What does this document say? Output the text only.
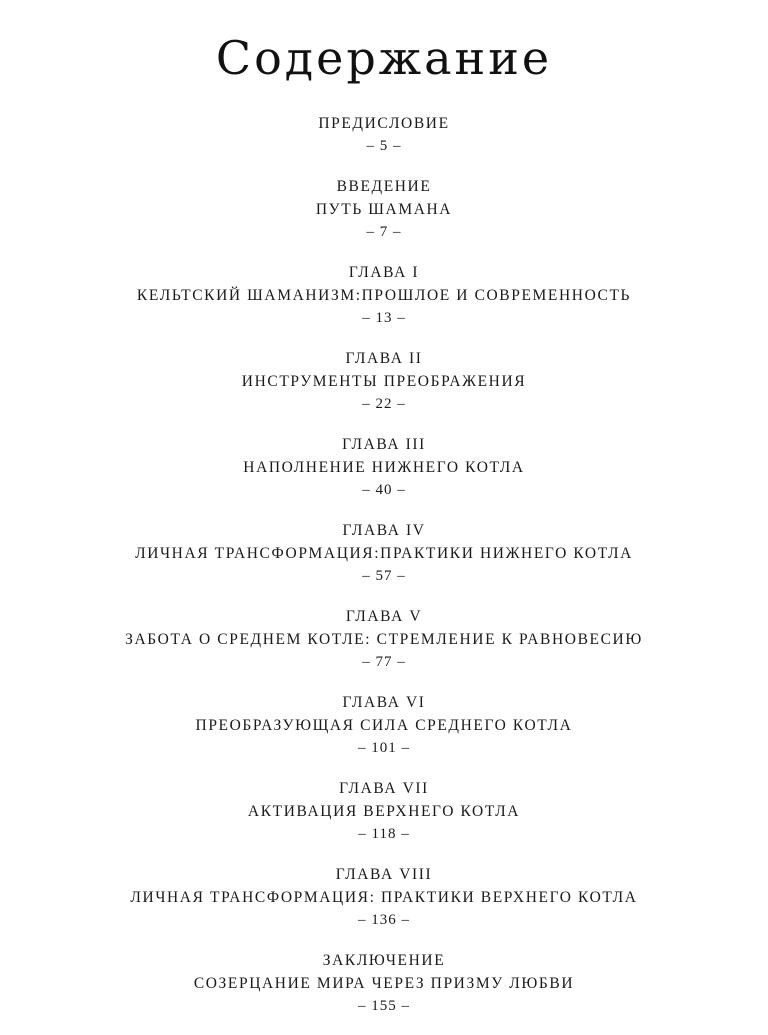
Содержание
ПРЕДИСЛОВИЕ
– 5 –
ВВЕДЕНИЕ
ПУТЬ ШАМАНА
– 7 –
ГЛАВА I
КЕЛЬТСКИЙ ШАМАНИЗМ:ПРОШЛОЕ И СОВРЕМЕННОСТЬ
– 13 –
ГЛАВА II
ИНСТРУМЕНТЫ ПРЕОБРАЖЕНИЯ
– 22 –
ГЛАВА III
НАПОЛНЕНИЕ НИЖНЕГО КОТЛА
– 40 –
ГЛАВА IV
ЛИЧНАЯ ТРАНСФОРМАЦИЯ:ПРАКТИКИ НИЖНЕГО КОТЛА
– 57 –
ГЛАВА V
ЗАБОТА О СРЕДНЕМ КОТЛЕ: СТРЕМЛЕНИЕ К РАВНОВЕСИЮ
– 77 –
ГЛАВА VI
ПРЕОБРАЗУЮЩАЯ СИЛА СРЕДНЕГО КОТЛА
– 101 –
ГЛАВА VII
АКТИВАЦИЯ ВЕРХНЕГО КОТЛА
– 118 –
ГЛАВА VIII
ЛИЧНАЯ ТРАНСФОРМАЦИЯ: ПРАКТИКИ ВЕРХНЕГО КОТЛА
– 136 –
ЗАКЛЮЧЕНИЕ
СОЗЕРЦАНИЕ МИРА ЧЕРЕЗ ПРИЗМУ ЛЮБВИ
– 155 –
